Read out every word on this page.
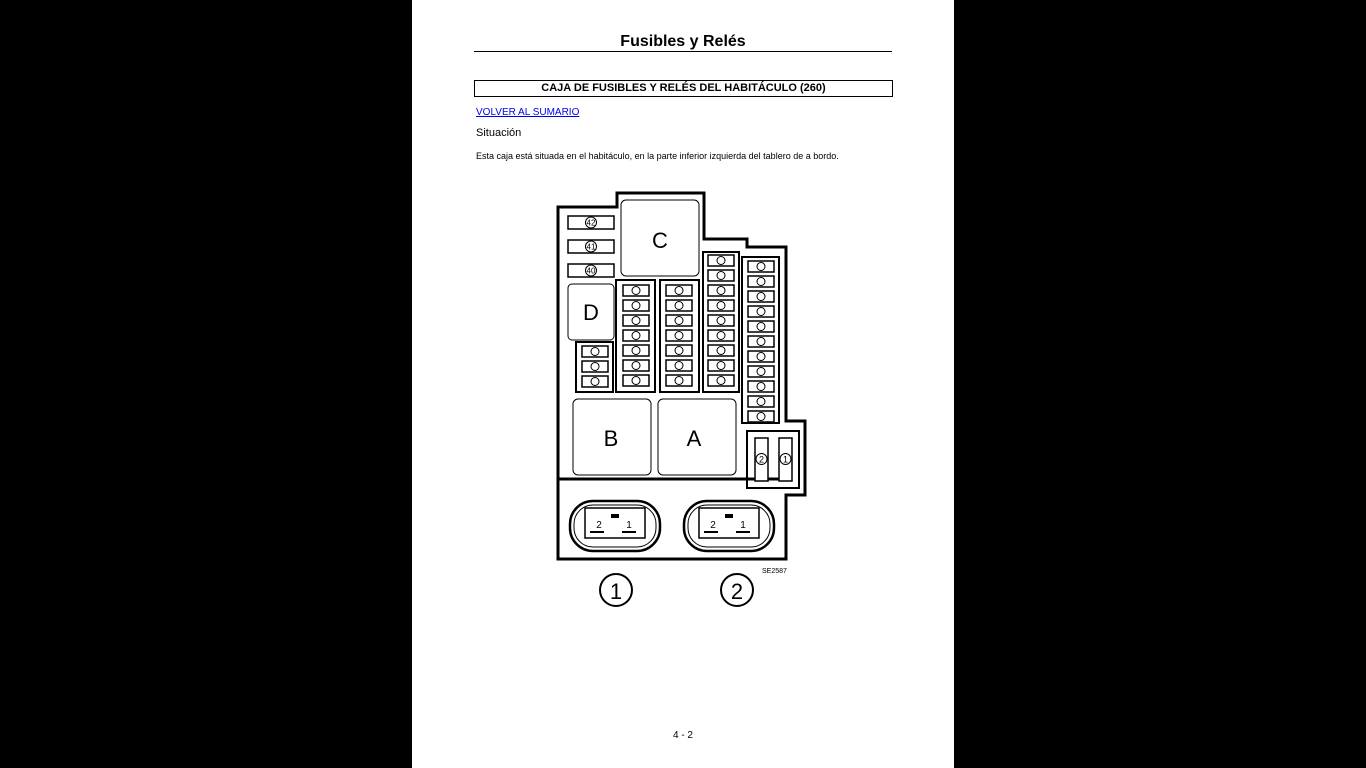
Fusibles y Relés
CAJA DE FUSIBLES Y RELÉS DEL HABITÁCULO (260)
VOLVER AL SUMARIO
Situación
Esta caja está situada en el habitáculo, en la parte inferior izquierda del tablero de a bordo.
42
41
40
2 1
C
D
B	A
2 1	2 1
SE2587
1	2
4 - 2
